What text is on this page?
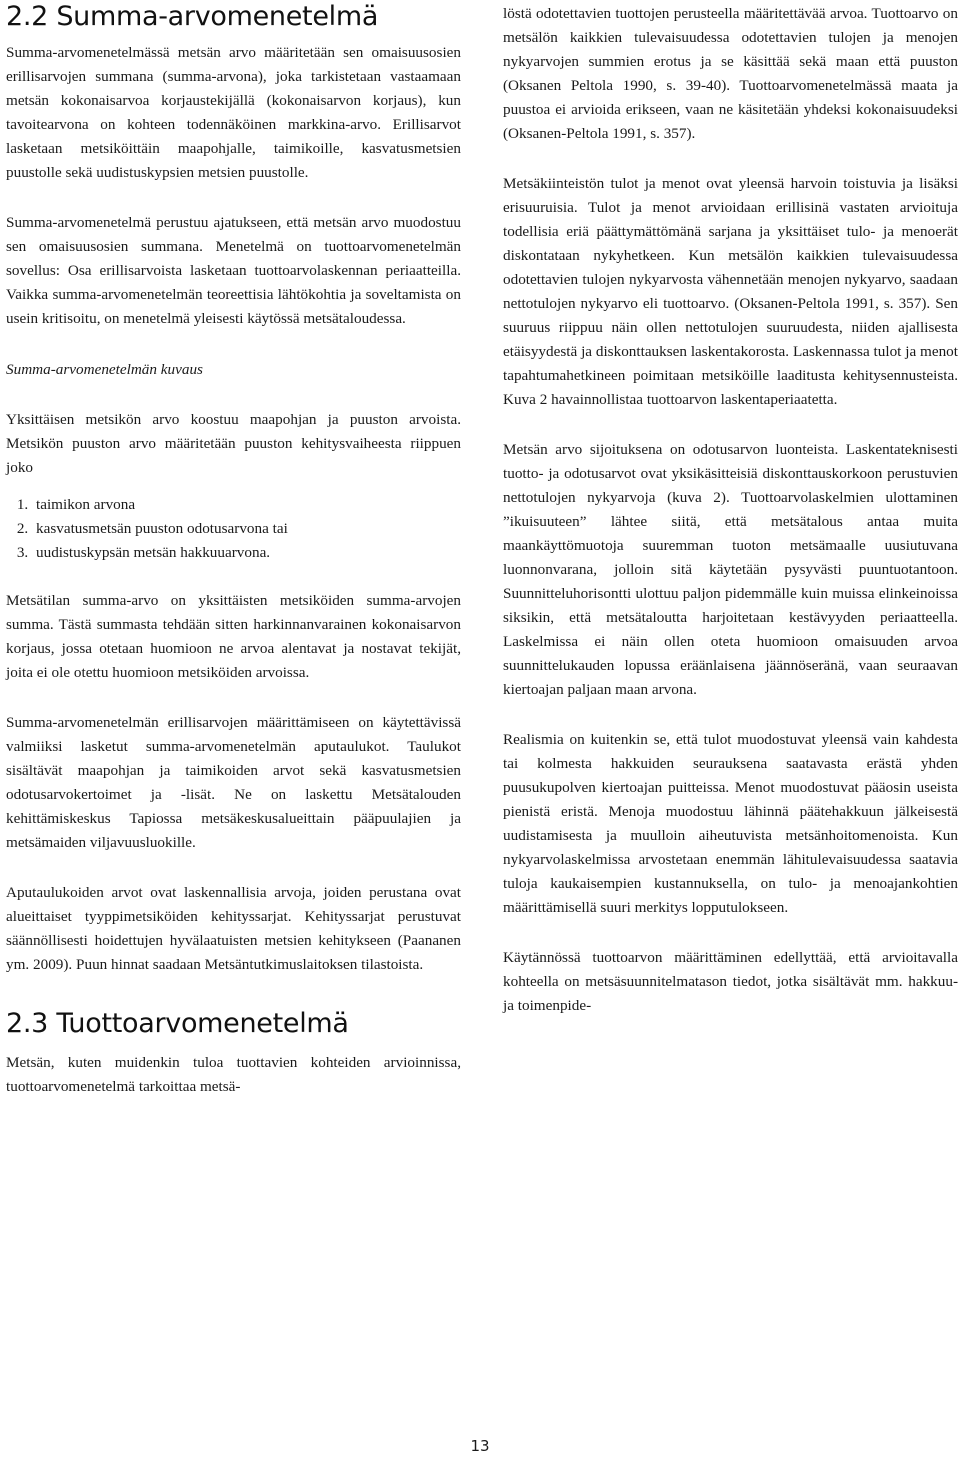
2.2 Summa-arvomenetelmä

Summa-arvomenetelmässä metsän arvo määritetään sen omaisuusosien erillisarvojen summana (summa-arvona), joka tarkistetaan vastaamaan metsän kokonaisarvoa korjaustekijällä (kokonaisarvon korjaus), kun tavoitearvona on kohteen todennäköinen markkina-arvo. Erillisarvot lasketaan metsiköittäin maapohjalle, taimikoille, kasvatusmetsien puustolle sekä uudistuskypsien metsien puustolle.

Summa-arvomenetelmä perustuu ajatukseen, että metsän arvo muodostuu sen omaisuusosien summana. Menetelmä on tuottoarvomenetelmän sovellus: Osa erillisarvoista lasketaan tuottoarvolaskennan periaatteilla. Vaikka summa-arvomenetelmän teoreettisia lähtökohtia ja soveltamista on usein kritisoitu, on menetelmä yleisesti käytössä metsätaloudessa.

Summa-arvomenetelmän kuvaus

Yksittäisen metsikön arvo koostuu maapohjan ja puuston arvoista. Metsikön puuston arvo määritetään puuston kehitysvaiheesta riippuen joko

1. taimikon arvona
2. kasvatusmetsän puuston odotusarvona tai
3. uudistuskypsän metsän hakkuuarvona.

Metsätilan summa-arvo on yksittäisten metsiköiden summa-arvojen summa. Tästä summasta tehdään sitten harkinnanvarainen kokonaisarvon korjaus, jossa otetaan huomioon ne arvoa alentavat ja nostavat tekijät, joita ei ole otettu huomioon metsiköiden arvoissa.

Summa-arvomenetelmän erillisarvojen määrittämiseen on käytettävissä valmiiksi lasketut summa-arvomenetelmän aputaulukot. Taulukot sisältävät maapohjan ja taimikoiden arvot sekä kasvatusmetsien odotusarvokertoimet ja -lisät. Ne on laskettu Metsätalouden kehittämiskeskus Tapiossa metsäkeskusalueittain pääpuulajien ja metsämaiden viljavuusluokille.

Aputaulukoiden arvot ovat laskennallisia arvoja, joiden perustana ovat alueittaiset tyyppimetsiköiden kehityssarjat. Kehityssarjat perustuvat säännöllisesti hoidettujen hyvälaatuisten metsien kehitykseen (Paananen ym. 2009). Puun hinnat saadaan Metsäntutkimuslaitoksen tilastoista.

2.3 Tuottoarvomenetelmä

Metsän, kuten muidenkin tuloa tuottavien kohteiden arvioinnissa, tuottoarvomenetelmä tarkoittaa metsä-

löstä odotettavien tuottojen perusteella määritettävää arvoa. Tuottoarvo on metsälön kaikkien tulevaisuudessa odotettavien tulojen ja menojen nykyarvojen summien erotus ja se käsittää sekä maan että puuston (Oksanen Peltola 1990, s. 39-40). Tuottoarvomenetelmässä maata ja puustoa ei arvioida erikseen, vaan ne käsitetään yhdeksi kokonaisuudeksi (Oksanen-Peltola 1991, s. 357).

Metsäkiinteistön tulot ja menot ovat yleensä harvoin toistuvia ja lisäksi erisuuruisia. Tulot ja menot arvioidaan erillisinä vastaten arvioituja todellisia eriä päättymättömänä sarjana ja yksittäiset tulo- ja menoerät diskontataan nykyhetkeen. Kun metsälön kaikkien tulevaisuudessa odotettavien tulojen nykyarvosta vähennetään menojen nykyarvo, saadaan nettotulojen nykyarvo eli tuottoarvo. (Oksanen-Peltola 1991, s. 357). Sen suuruus riippuu näin ollen nettotulojen suuruudesta, niiden ajallisesta etäisyydestä ja diskonttauksen laskentakorosta. Laskennassa tulot ja menot tapahtumahetkineen poimitaan metsiköille laaditusta kehitysennusteista. Kuva 2 havainnollistaa tuottoarvon laskentaperiaatetta.

Metsän arvo sijoituksena on odotusarvon luonteista. Laskentateknisesti tuotto- ja odotusarvot ovat yksikäsitteisiä diskonttauskorkoon perustuvien nettotulojen nykyarvoja (kuva 2). Tuottoarvolaskelmien ulottaminen ”ikuisuuteen” lähtee siitä, että metsätalous antaa muita maankäyttömuotoja suuremman tuoton metsämaalle uusiutuvana luonnonvarana, jolloin sitä käytetään pysyvästi puuntuotantoon. Suunnitteluhorisontti ulottuu paljon pidemmälle kuin muissa elinkeinoissa siksikin, että metsätaloutta harjoitetaan kestävyyden periaatteella. Laskelmissa ei näin ollen oteta huomioon omaisuuden arvoa suunnittelukauden lopussa eräänlaisena jäännöseränä, vaan seuraavan kiertoajan paljaan maan arvona.

Realismia on kuitenkin se, että tulot muodostuvat yleensä vain kahdesta tai kolmesta hakkuiden seurauksena saatavasta erästä yhden puusukupolven kiertoajan puitteissa. Menot muodostuvat pääosin useista pienistä eristä. Menoja muodostuu lähinnä päätehakkuun jälkeisestä uudistamisesta ja muulloin aiheutuvista metsänhoitomenoista. Kun nykyarvolaskelmissa arvostetaan enemmän lähitulevaisuudessa saatavia tuloja kaukaisempien kustannuksella, on tulo- ja menoajankohtien määrittämisellä suuri merkitys lopputulokseen.

Käytännössä tuottoarvon määrittäminen edellyttää, että arvioitavalla kohteella on metsäsuunnitelmatason tiedot, jotka sisältävät mm. hakkuu- ja toimenpide-

13
